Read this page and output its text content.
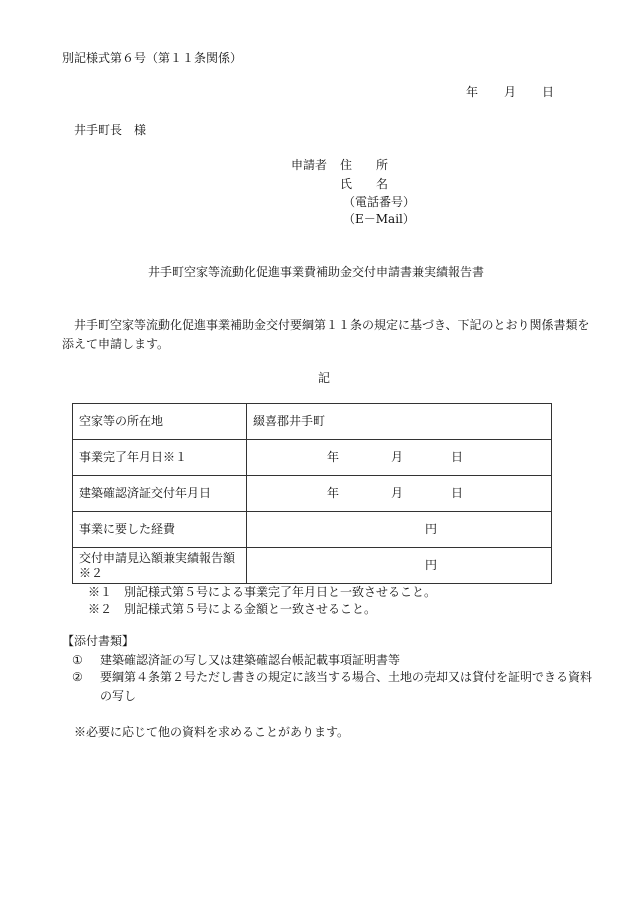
別記様式第６号（第１１条関係）
年 月 日
井手町長　様
申請者 住　　所
氏　　名
（電話番号）
（E－Mail）
井手町空家等流動化促進事業費補助金交付申請書兼実績報告書
井手町空家等流動化促進事業補助金交付要綱第１１条の規定に基づき、下記のとおり関係書類を添えて申請します。
記
空家等の所在地	綴喜郡井手町
事業完了年月日※１	年 月 日

建築確認済証交付年月日	年 月 日

事業に要した経費	円
交付申請見込額兼実績報告額※２	円
※１　別記様式第５号による事業完了年月日と一致させること。
※２　別記様式第５号による金額と一致させること。
【添付書類】
① 建築確認済証の写し又は建築確認台帳記載事項証明書等
② 要綱第４条第２号ただし書きの規定に該当する場合、土地の売却又は貸付を証明できる資料の写し
※必要に応じて他の資料を求めることがあります。
